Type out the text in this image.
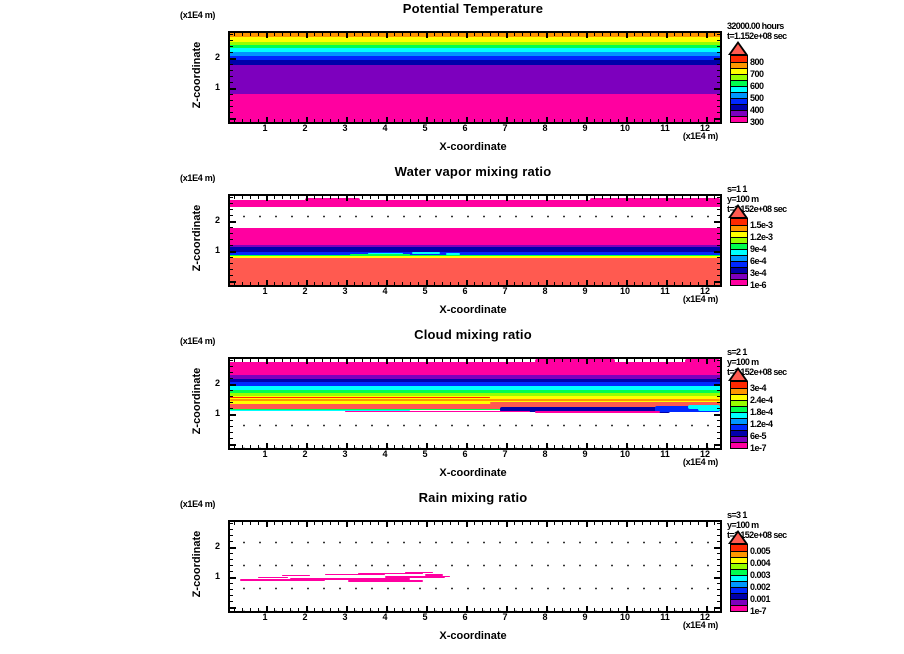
Potential Temperature
(x1E4 m)
Z-coordinate	2
1
1	2	3	4	5	6	7	8	9	10	11	12
(x1E4 m)
X-coordinate
32000.00 hours
t=1.152e+08 sec
800
700
600
500
400
300
Water vapor mixing ratio
(x1E4 m)
Z-coordinate	2
1
1	2	3	4	5	6	7	8	9	10	11	12
(x1E4 m)
X-coordinate
s=1 1
y=100 m
t=1.152e+08 sec
1.5e-3
1.2e-3
9e-4
6e-4
3e-4
1e-6
Cloud mixing ratio
(x1E4 m)
Z-coordinate	2
1
1	2	3	4	5	6	7	8	9	10	11	12
(x1E4 m)
X-coordinate
s=2 1
y=100 m
t=1.152e+08 sec
3e-4
2.4e-4
1.8e-4
1.2e-4
6e-5
1e-7
Rain mixing ratio
(x1E4 m)
Z-coordinate	2
1
1	2	3	4	5	6	7	8	9	10	11	12
(x1E4 m)
X-coordinate
s=3 1
y=100 m
t=1.152e+08 sec
0.005
0.004
0.003
0.002
0.001
1e-7
